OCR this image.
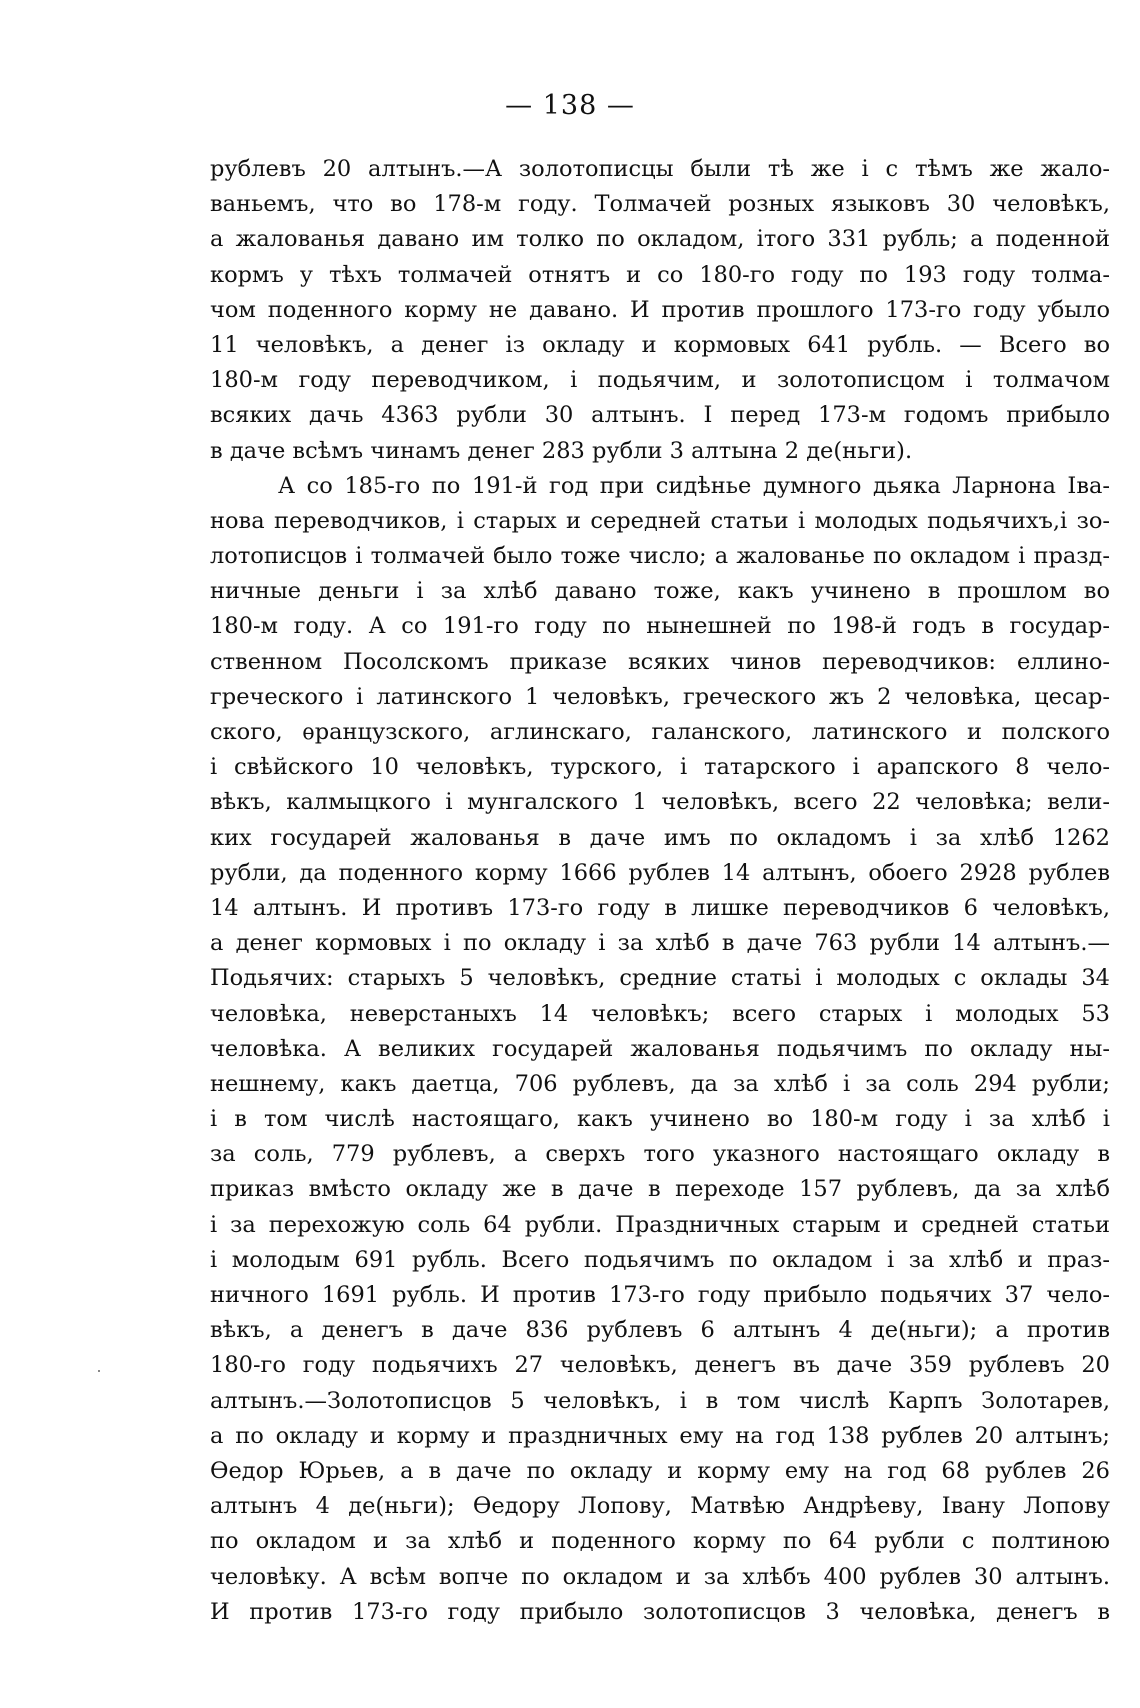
— 138 —
рублевъ 20 алтынъ.—А золотописцы были тѣ же і с тѣмъ же жало-
ваньемъ, что во 178-м году. Толмачей розных языковъ 30 человѣкъ,
а жалованья давано им толко по окладом, ітого 331 рубль; а поденной
кормъ у тѣхъ толмачей отнятъ и со 180-го году по 193 году толма-
чом поденного корму не давано. И против прошлого 173-го году убыло
11 человѣкъ, а денег із окладу и кормовых 641 рубль. — Всего во
180-м году переводчиком, і подьячим, и золотописцом і толмачом
всяких дачь 4363 рубли 30 алтынъ. І перед 173-м годомъ прибыло
в даче всѣмъ чинамъ денег 283 рубли 3 алтына 2 де(ньги).
А со 185-го по 191-й год при сидѣнье думного дьяка Ларнона Іва-
нова переводчиков, і старых и середней статьи і молодых подьячихъ,і зо-
лотописцов і толмачей было тоже число; а жалованье по окладом і празд-
ничные деньги і за хлѣб давано тоже, какъ учинено в прошлом во
180-м году. А со 191-го году по нынешней по 198-й годъ в государ-
ственном Посолскомъ приказе всяких чинов переводчиков: еллино-
греческого і латинского 1 человѣкъ, греческого жъ 2 человѣка, цесар-
ского, ѳранцузского, аглинскаго, галанского, латинского и полского
і свѣйского 10 человѣкъ, турского, і татарского і арапского 8 чело-
вѣкъ, калмыцкого і мунгалского 1 человѣкъ, всего 22 человѣка; вели-
ких государей жалованья в даче имъ по окладомъ і за хлѣб 1262
рубли, да поденного корму 1666 рублев 14 алтынъ, обоего 2928 рублев
14 алтынъ. И противъ 173-го году в лишке переводчиков 6 человѣкъ,
а денег кормовых і по окладу і за хлѣб в даче 763 рубли 14 алтынъ.—
Подьячих: старыхъ 5 человѣкъ, средние статьі і молодых с оклады 34
человѣка, неверстаныхъ 14 человѣкъ; всего старых і молодых 53
человѣка. А великих государей жалованья подьячимъ по окладу ны-
нешнему, какъ даетца, 706 рублевъ, да за хлѣб і за соль 294 рубли;
і в том числѣ настоящаго, какъ учинено во 180-м году і за хлѣб і
за соль, 779 рублевъ, а сверхъ того указного настоящаго окладу в
приказ вмѣсто окладу же в даче в переходе 157 рублевъ, да за хлѣб
і за перехожую соль 64 рубли. Праздничных старым и средней статьи
і молодым 691 рубль. Всего подьячимъ по окладом і за хлѣб и праз-
ничного 1691 рубль. И против 173-го году прибыло подьячих 37 чело-
вѣкъ, а денегъ в даче 836 рублевъ 6 алтынъ 4 де(ньги); а против
180-го году подьячихъ 27 человѣкъ, денегъ въ даче 359 рублевъ 20
алтынъ.—Золотописцов 5 человѣкъ, і в том числѣ Карпъ Золотарев,
а по окладу и корму и праздничных ему на год 138 рублев 20 алтынъ;
Ѳедор Юрьев, а в даче по окладу и корму ему на год 68 рублев 26
алтынъ 4 де(ньги); Ѳедору Лопову, Матвѣю Андрѣеву, Івану Лопову
по окладом и за хлѣб и поденного корму по 64 рубли с полтиною
человѣку. А всѣм вопче по окладом и за хлѣбъ 400 рублев 30 алтынъ.
И против 173-го году прибыло золотописцов 3 человѣка, денегъ в
